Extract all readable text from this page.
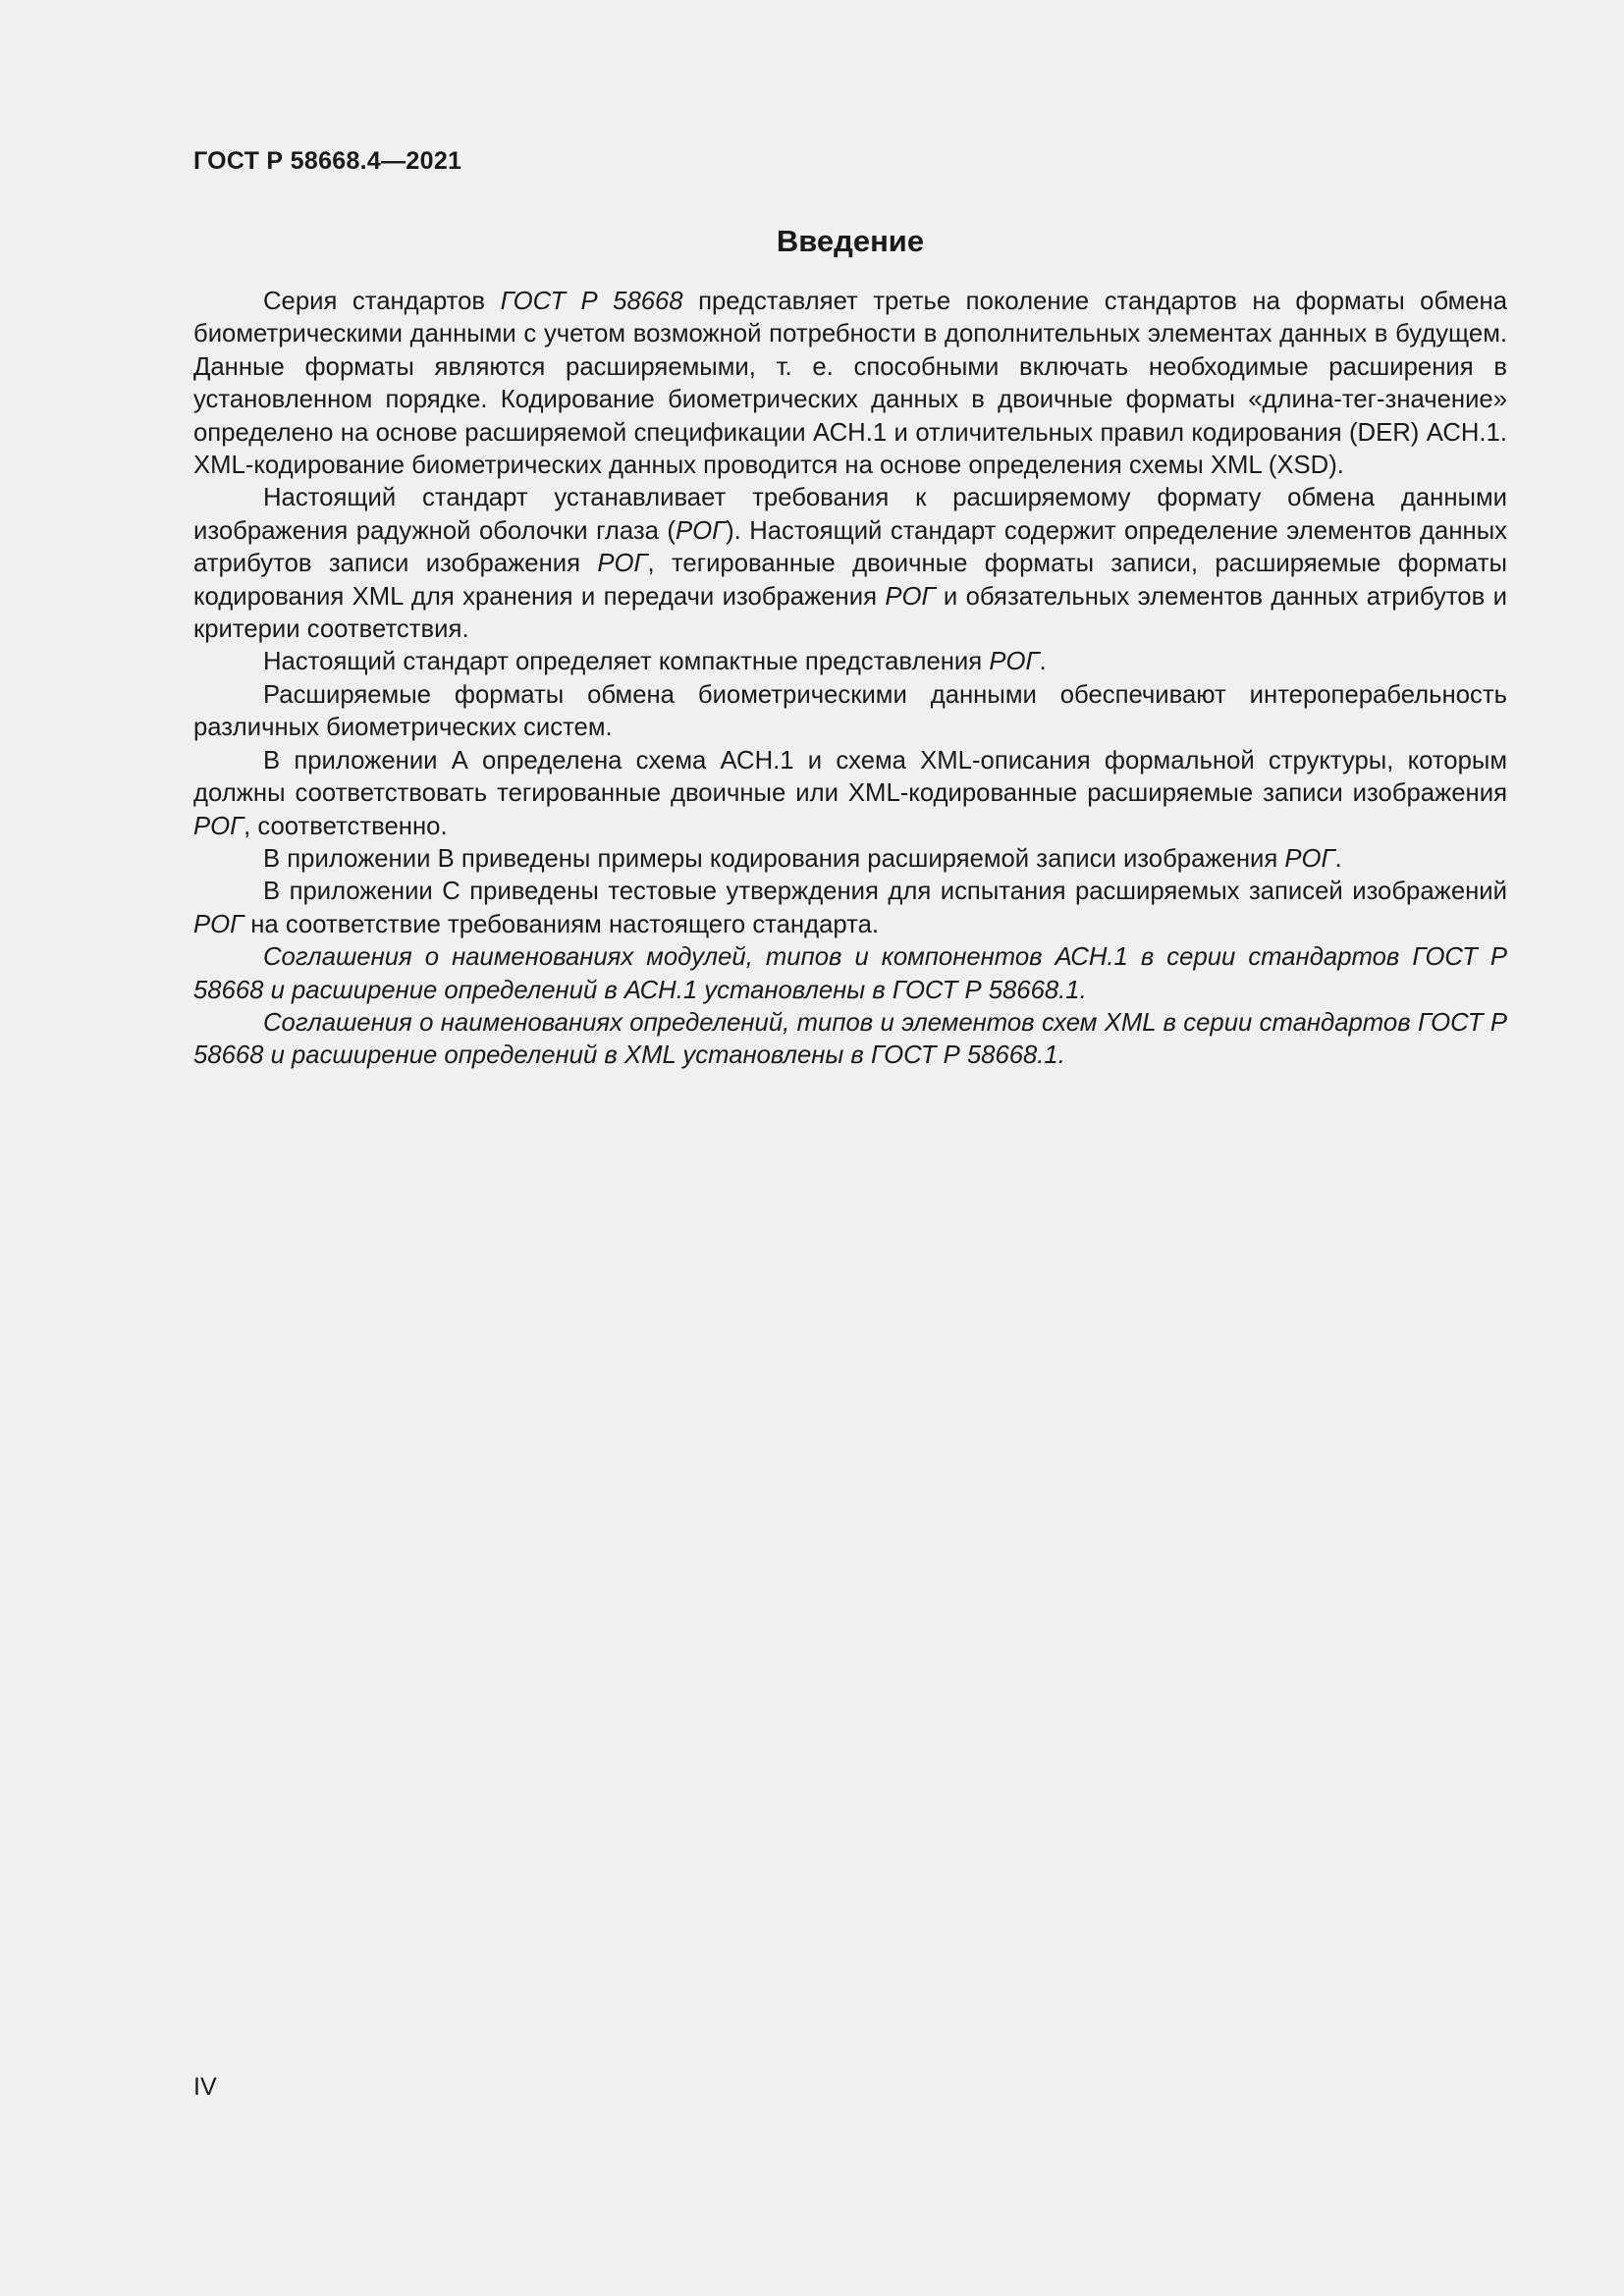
ГОСТ Р 58668.4—2021
Введение

Серия стандартов ГОСТ Р 58668 представляет третье поколение стандартов на форматы обмена биометрическими данными с учетом возможной потребности в дополнительных элементах данных в будущем. Данные форматы являются расширяемыми, т. е. способными включать необходимые расширения в установленном порядке. Кодирование биометрических данных в двоичные форматы «длина-тег-значение» определено на основе расширяемой спецификации АСН.1 и отличительных правил кодирования (DER) АСН.1. XML-кодирование биометрических данных проводится на основе определения схемы XML (XSD).

Настоящий стандарт устанавливает требования к расширяемому формату обмена данными изображения радужной оболочки глаза (РОГ). Настоящий стандарт содержит определение элементов данных атрибутов записи изображения РОГ, тегированные двоичные форматы записи, расширяемые форматы кодирования XML для хранения и передачи изображения РОГ и обязательных элементов данных атрибутов и критерии соответствия.

Настоящий стандарт определяет компактные представления РОГ.

Расширяемые форматы обмена биометрическими данными обеспечивают интероперабельность различных биометрических систем.

В приложении А определена схема АСН.1 и схема XML-описания формальной структуры, которым должны соответствовать тегированные двоичные или XML-кодированные расширяемые записи изображения РОГ, соответственно.

В приложении В приведены примеры кодирования расширяемой записи изображения РОГ.

В приложении С приведены тестовые утверждения для испытания расширяемых записей изображений РОГ на соответствие требованиям настоящего стандарта.

Соглашения о наименованиях модулей, типов и компонентов АСН.1 в серии стандартов ГОСТ Р 58668 и расширение определений в АСН.1 установлены в ГОСТ Р 58668.1.

Соглашения о наименованиях определений, типов и элементов схем XML в серии стандартов ГОСТ Р 58668 и расширение определений в XML установлены в ГОСТ Р 58668.1.

IV
